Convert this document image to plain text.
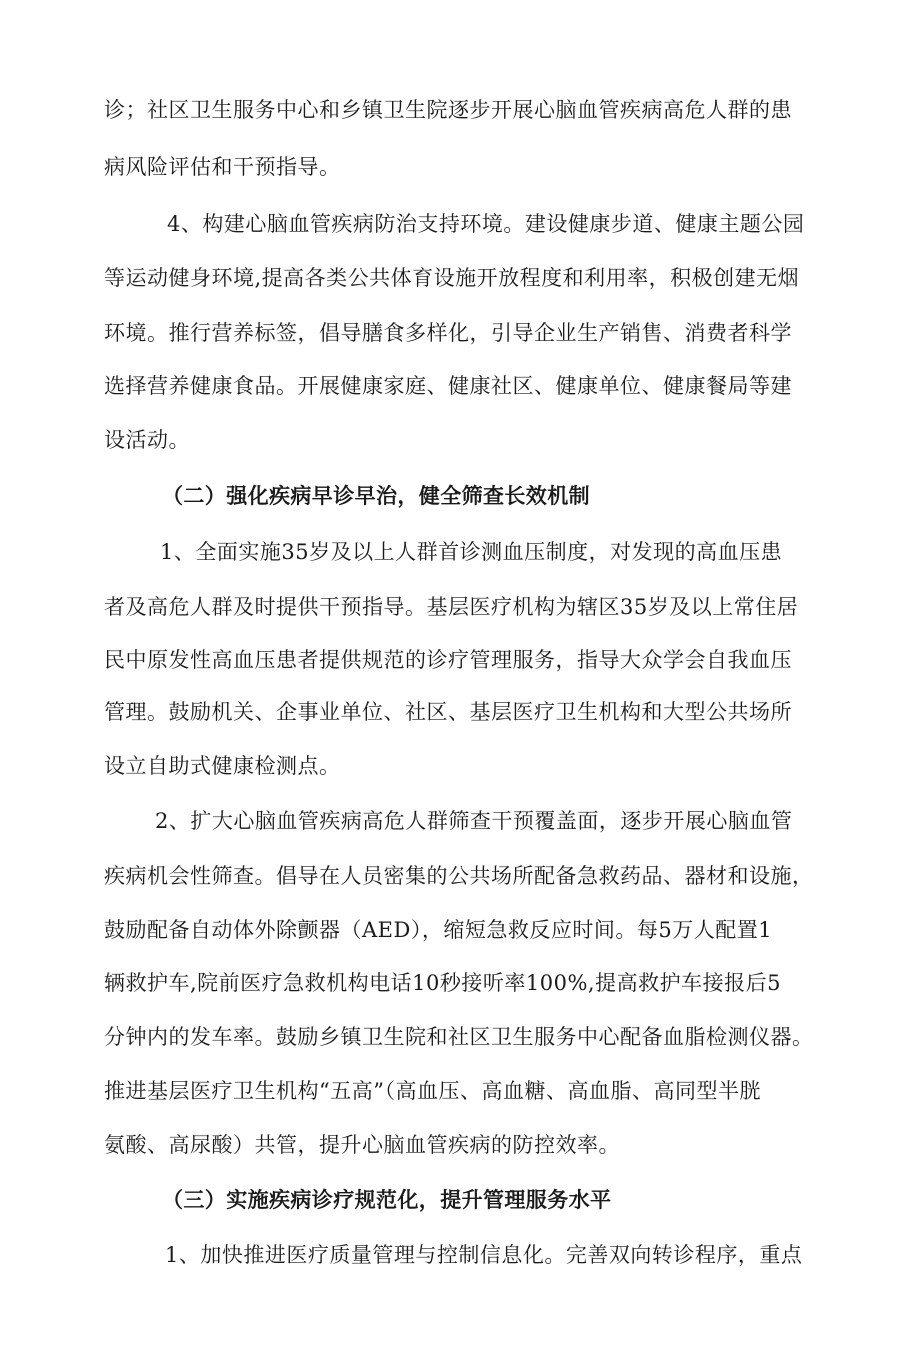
诊；社区卫生服务中心和乡镇卫生院逐步开展心脑血管疾病高危人群的患
病风险评估和干预指导。
4、构建心脑血管疾病防治支持环境。建设健康步道、健康主题公园
等运动健身环境,提高各类公共体育设施开放程度和利用率，积极创建无烟
环境。推行营养标签，倡导膳食多样化，引导企业生产销售、消费者科学
选择营养健康食品。开展健康家庭、健康社区、健康单位、健康餐局等建
设活动。
（二）强化疾病早诊早治，健全筛查长效机制
1、全面实施35岁及以上人群首诊测血压制度，对发现的高血压患
者及高危人群及时提供干预指导。基层医疗机构为辖区35岁及以上常住居
民中原发性高血压患者提供规范的诊疗管理服务，指导大众学会自我血压
管理。鼓励机关、企事业单位、社区、基层医疗卫生机构和大型公共场所
设立自助式健康检测点。
2、扩大心脑血管疾病高危人群筛查干预覆盖面，逐步开展心脑血管
疾病机会性筛查。倡导在人员密集的公共场所配备急救药品、器材和设施，
鼓励配备自动体外除颤器（AED），缩短急救反应时间。每5万人配置1
辆救护车,院前医疗急救机构电话10秒接听率100%,提高救护车接报后5
分钟内的发车率。鼓励乡镇卫生院和社区卫生服务中心配备血脂检测仪器。
推进基层医疗卫生机构“五高”（高血压、高血糖、高血脂、高同型半胱
氨酸、高尿酸）共管，提升心脑血管疾病的防控效率。
（三）实施疾病诊疗规范化，提升管理服务水平
1、加快推进医疗质量管理与控制信息化。完善双向转诊程序，重点
